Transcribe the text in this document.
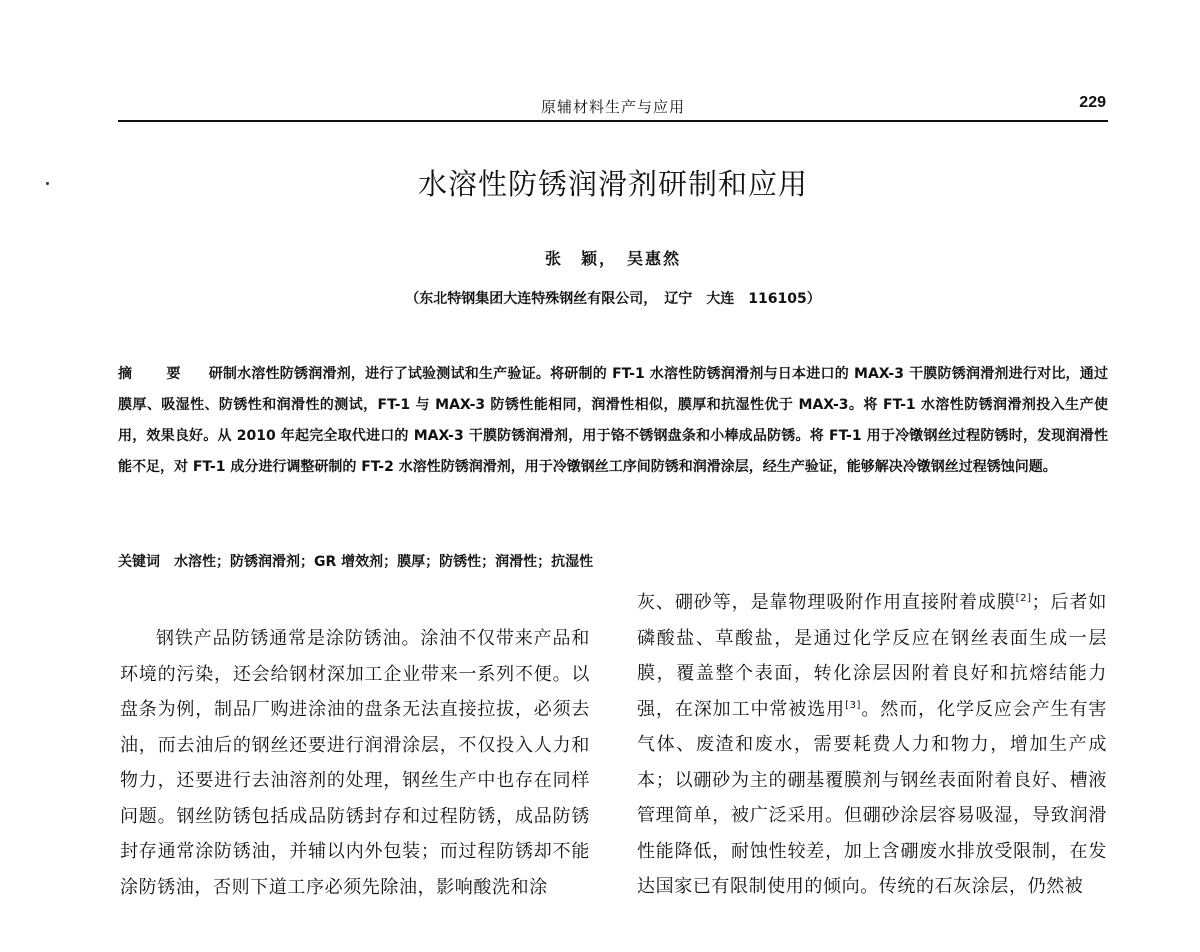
原辅材料生产与应用	229
水溶性防锈润滑剂研制和应用
张　颖，　吴惠然
（东北特钢集团大连特殊钢丝有限公司，　辽宁　大连　116105）
摘　要 研制水溶性防锈润滑剂，进行了试验测试和生产验证。将研制的 FT-1 水溶性防锈润滑剂与日本进口的 MAX-3 干膜防锈润滑剂进行对比，通过膜厚、吸湿性、防锈性和润滑性的测试，FT-1 与 MAX-3 防锈性能相同，润滑性相似，膜厚和抗湿性优于 MAX-3。将 FT-1 水溶性防锈润滑剂投入生产使用，效果良好。从 2010 年起完全取代进口的 MAX-3 干膜防锈润滑剂，用于铬不锈钢盘条和小棒成品防锈。将 FT-1 用于冷镦钢丝过程防锈时，发现润滑性能不足，对 FT-1 成分进行调整研制的 FT-2 水溶性防锈润滑剂，用于冷镦钢丝工序间防锈和润滑涂层，经生产验证，能够解决冷镦钢丝过程锈蚀问题。
关键词 水溶性；防锈润滑剂；GR 增效剂；膜厚；防锈性；润滑性；抗湿性

钢铁产品防锈通常是涂防锈油。涂油不仅带来产品和环境的污染，还会给钢材深加工企业带来一系列不便。以盘条为例，制品厂购进涂油的盘条无法直接拉拔，必须去油，而去油后的钢丝还要进行润滑涂层，不仅投入人力和物力，还要进行去油溶剂的处理，钢丝生产中也存在同样问题。钢丝防锈包括成品防锈封存和过程防锈，成品防锈封存通常涂防锈油，并辅以内外包装；而过程防锈却不能涂防锈油，否则下道工序必须先除油，影响酸洗和涂

灰、硼砂等，是靠物理吸附作用直接附着成膜[2]；后者如磷酸盐、草酸盐，是通过化学反应在钢丝表面生成一层膜，覆盖整个表面，转化涂层因附着良好和抗熔结能力强，在深加工中常被选用[3]。然而，化学反应会产生有害气体、废渣和废水，需要耗费人力和物力，增加生产成本；以硼砂为主的硼基覆膜剂与钢丝表面附着良好、槽液管理简单，被广泛采用。但硼砂涂层容易吸湿，导致润滑性能降低，耐蚀性较差，加上含硼废水排放受限制，在发达国家已有限制使用的倾向。传统的石灰涂层，仍然被
